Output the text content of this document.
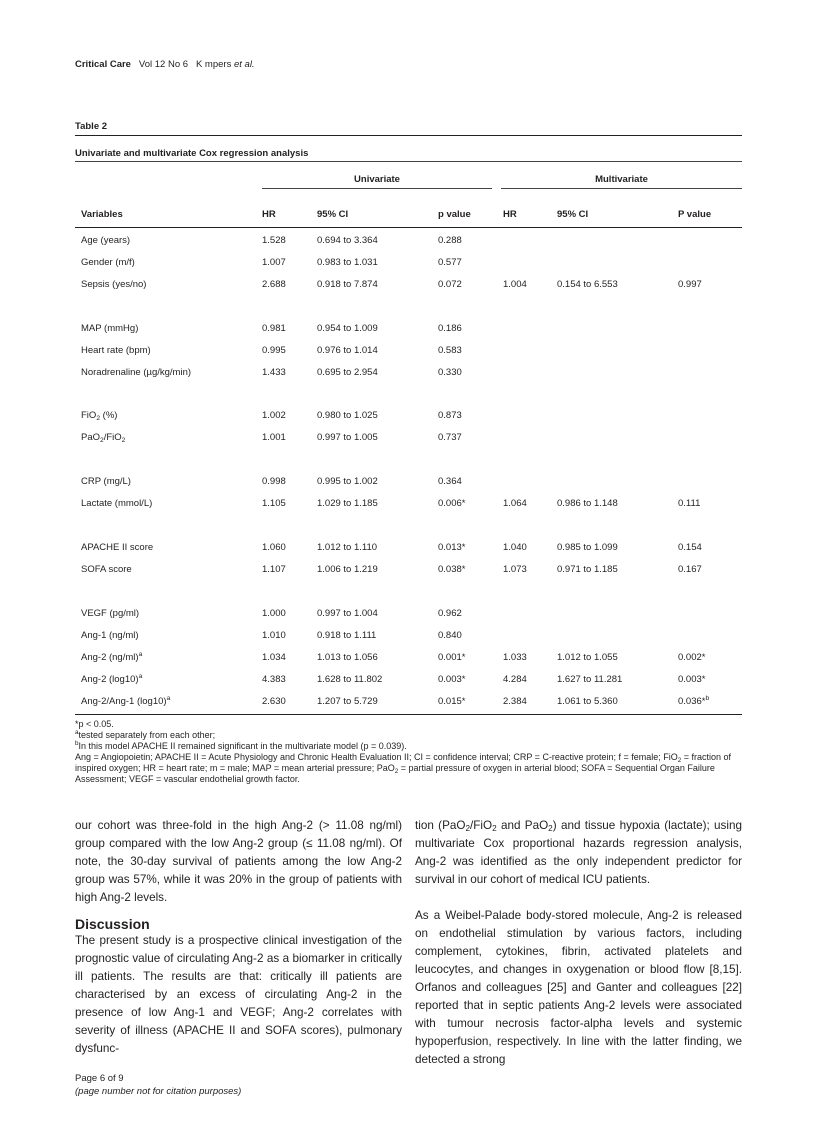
Critical Care Vol 12 No 6 K mpers et al.
Table 2
Univariate and multivariate Cox regression analysis
Univariate	Multivariate
Variables	HR	95% CI	p value	HR	95% CI	P value
Age (years)	1.528	0.694 to 3.364	0.288
Gender (m/f)	1.007	0.983 to 1.031	0.577
Sepsis (yes/no)	2.688	0.918 to 7.874	0.072	1.004	0.154 to 6.553	0.997
MAP (mmHg)	0.981	0.954 to 1.009	0.186
Heart rate (bpm)	0.995	0.976 to 1.014	0.583
Noradrenaline (µg/kg/min)	1.433	0.695 to 2.954	0.330
FiO$_2$ (%)	1.002	0.980 to 1.025	0.873
PaO$_2$/FiO$_2$	1.001	0.997 to 1.005	0.737
CRP (mg/L)	0.998	0.995 to 1.002	0.364
Lactate (mmol/L)	1.105	1.029 to 1.185	0.006*	1.064	0.986 to 1.148	0.111
APACHE II score	1.060	1.012 to 1.110	0.013*	1.040	0.985 to 1.099	0.154
SOFA score	1.107	1.006 to 1.219	0.038*	1.073	0.971 to 1.185	0.167
VEGF (pg/ml)	1.000	0.997 to 1.004	0.962
Ang-1 (ng/ml)	1.010	0.918 to 1.111	0.840
Ang-2 $(ng/ml)^a$	1.034	1.013 to 1.056	0.001*	1.033	1.012 to 1.055	0.002*
Ang-2 $(\log 10)^a$	4.383	1.628 to 11.802	0.003*	4.284	1.627 to 11.281	0.003*
Ang-2/Ang-1 $(\log 10)^a$	2.630	1.207 to 5.729	0.015*	2.384	1.061 to 5.360	0.036*$^b$
*p < 0.05.
$^a$tested separately from each other;
$^b$In this model APACHE II remained significant in the multivariate model (p = 0.039).
Ang = Angiopoietin; APACHE II = Acute Physiology and Chronic Health Evaluation II; CI = confidence interval; CRP = C-reactive protein; f = female; FiO$_2$ = fraction of inspired oxygen; HR = heart rate; m = male; MAP = mean arterial pressure; PaO$_2$ = partial pressure of oxygen in arterial blood; SOFA = Sequential Organ Failure Assessment; VEGF = vascular endothelial growth factor.

our cohort was three-fold in the high Ang-2 (> 11.08 ng/ml) group compared with the low Ang-2 group (≤ 11.08 ng/ml). Of note, the 30-day survival of patients among the low Ang-2 group was 57%, while it was 20% in the group of patients with high Ang-2 levels.

Discussion

The present study is a prospective clinical investigation of the prognostic value of circulating Ang-2 as a biomarker in critically ill patients. The results are that: critically ill patients are characterised by an excess of circulating Ang-2 in the presence of low Ang-1 and VEGF; Ang-2 correlates with severity of illness (APACHE II and SOFA scores), pulmonary dysfunc-

tion (PaO$_2$/FiO$_2$ and PaO$_2$) and tissue hypoxia (lactate); using multivariate Cox proportional hazards regression analysis, Ang-2 was identified as the only independent predictor for survival in our cohort of medical ICU patients.

As a Weibel-Palade body-stored molecule, Ang-2 is released on endothelial stimulation by various factors, including complement, cytokines, fibrin, activated platelets and leucocytes, and changes in oxygenation or blood flow [8,15]. Orfanos and colleagues [25] and Ganter and colleagues [22] reported that in septic patients Ang-2 levels were associated with tumour necrosis factor-alpha levels and systemic hypoperfusion, respectively. In line with the latter finding, we detected a strong

Page 6 of 9
(page number not for citation purposes)
